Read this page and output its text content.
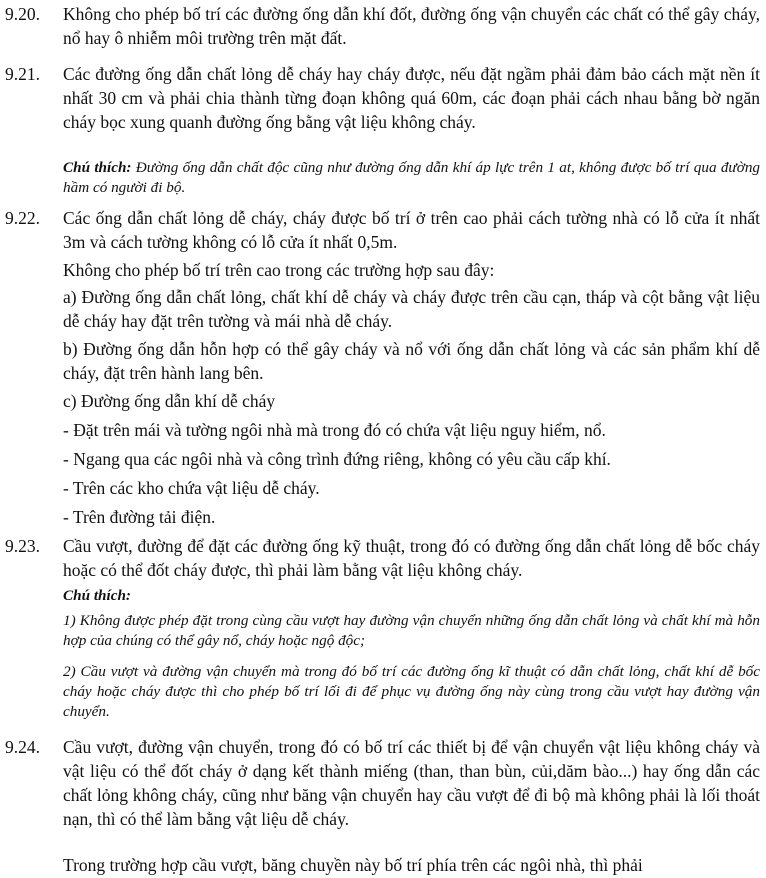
9.20. Không cho phép bố trí các đường ống dẫn khí đốt, đường ống vận chuyển các chất có thể gây cháy, nổ hay ô nhiễm môi trường trên mặt đất.

9.21. Các đường ống dẫn chất lỏng dễ cháy hay cháy được, nếu đặt ngầm phải đảm bảo cách mặt nền ít nhất 30 cm và phải chia thành từng đoạn không quá 60m, các đoạn phải cách nhau bằng bờ ngăn cháy bọc xung quanh đường ống bằng vật liệu không cháy.

Chú thích: Đường ống dẫn chất độc cũng như đường ống dẫn khí áp lực trên 1 at, không được bố trí qua đường hầm có người đi bộ.

9.22. Các ống dẫn chất lỏng dễ cháy, cháy được bố trí ở trên cao phải cách tường nhà có lỗ cửa ít nhất 3m và cách tường không có lỗ cửa ít nhất 0,5m.

Không cho phép bố trí trên cao trong các trường hợp sau đây:

a) Đường ống dẫn chất lỏng, chất khí dễ cháy và cháy được trên cầu cạn, tháp và cột bằng vật liệu dễ cháy hay đặt trên tường và mái nhà dễ cháy.

b) Đường ống dẫn hỗn hợp có thể gây cháy và nổ với ống dẫn chất lỏng và các sản phẩm khí dễ cháy, đặt trên hành lang bên.

c) Đường ống dẫn khí dễ cháy

- Đặt trên mái và tường ngôi nhà mà trong đó có chứa vật liệu nguy hiểm, nổ.

- Ngang qua các ngôi nhà và công trình đứng riêng, không có yêu cầu cấp khí.

- Trên các kho chứa vật liệu dễ cháy.

- Trên đường tải điện.

9.23. Cầu vượt, đường để đặt các đường ống kỹ thuật, trong đó có đường ống dẫn chất lỏng dễ bốc cháy hoặc có thể đốt cháy được, thì phải làm bằng vật liệu không cháy.

Chú thích:

1) Không được phép đặt trong cùng cầu vượt hay đường vận chuyển những ống dẫn chất lỏng và chất khí mà hỗn hợp của chúng có thể gây nổ, cháy hoặc ngộ độc;

2) Cầu vượt và đường vận chuyển mà trong đó bố trí các đường ống kĩ thuật có dẫn chất lỏng, chất khí dễ bốc cháy hoặc cháy được thì cho phép bố trí lối đi để phục vụ đường ống này cùng trong cầu vượt hay đường vận chuyển.

9.24. Cầu vượt, đường vận chuyển, trong đó có bố trí các thiết bị để vận chuyển vật liệu không cháy và vật liệu có thể đốt cháy ở dạng kết thành miếng (than, than bùn, củi,dăm bào...) hay ống dẫn các chất lỏng không cháy, cũng như băng vận chuyển hay cầu vượt để đi bộ mà không phải là lối thoát nạn, thì có thể làm bằng vật liệu dễ cháy.

Trong trường hợp cầu vượt, băng chuyền này bố trí phía trên các ngôi nhà, thì phải
